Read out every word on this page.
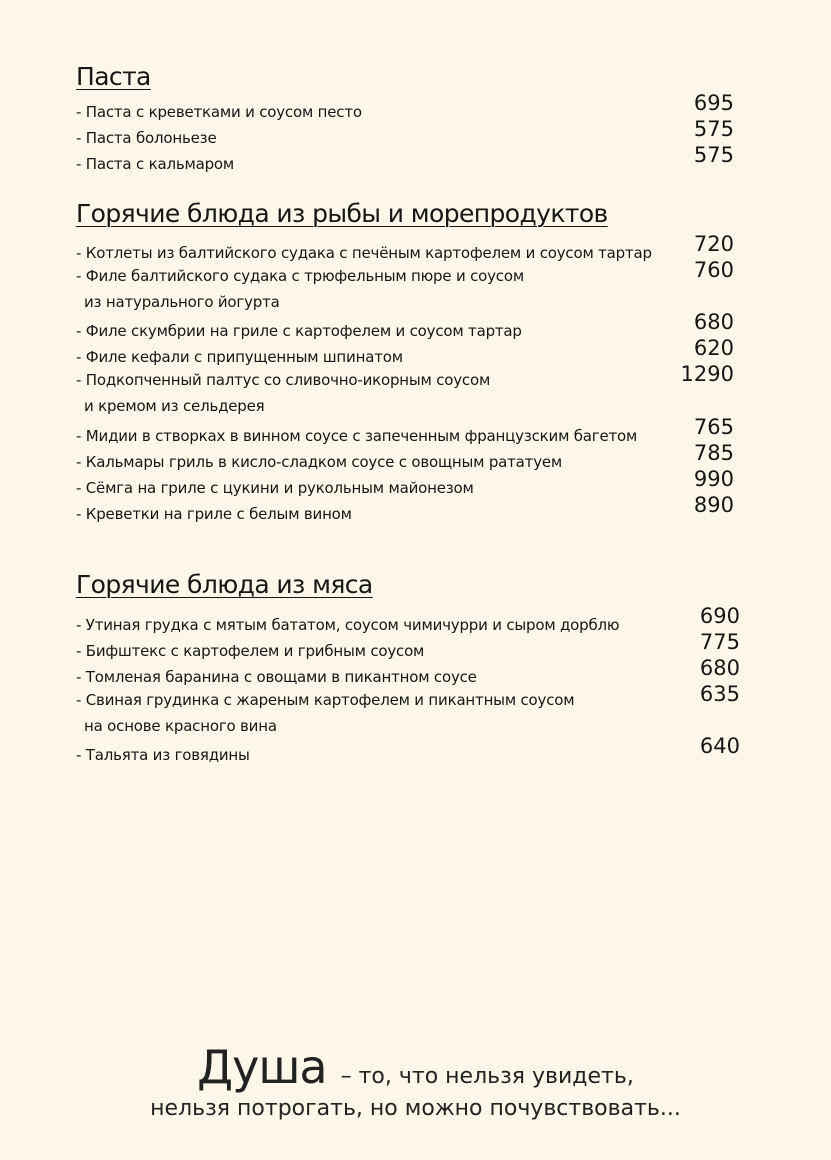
Паста
- Паста с креветками и соусом песто	695
- Паста болоньезе	575
- Паста с кальмаром	575
Горячие блюда из рыбы и морепродуктов
- Котлеты из балтийского судака с печёным картофелем и соусом тартар 720
- Филе балтийского судака с трюфельным пюре и соусом
из натурального йогурта
760
- Филе скумбрии на гриле с картофелем и соусом тартар	680
- Филе кефали с припущенным шпинатом	620
- Подкопченный палтус со сливочно-икорным соусом
и кремом из сельдерея
1290
- Мидии в створках в винном соусе с запеченным французским багетом	765
- Кальмары гриль в кисло-сладком соусе с овощным рататуем	785
- Сёмга на гриле с цукини и рукольным майонезом	990
- Креветки на гриле с белым вином	890
Горячие блюда из мяса
- Утиная грудка с мятым бататом, соусом чимичурри и сыром дорблю	690
- Бифштекс с картофелем и грибным соусом	775
- Томленая баранина с овощами в пикантном соусе	680
- Свиная грудинка с жареным картофелем и пикантным соусом
на основе красного вина
635
- Тальята из говядины	640
Душа – то, что нельзя увидеть,
нельзя потрогать, но можно почувствовать...
